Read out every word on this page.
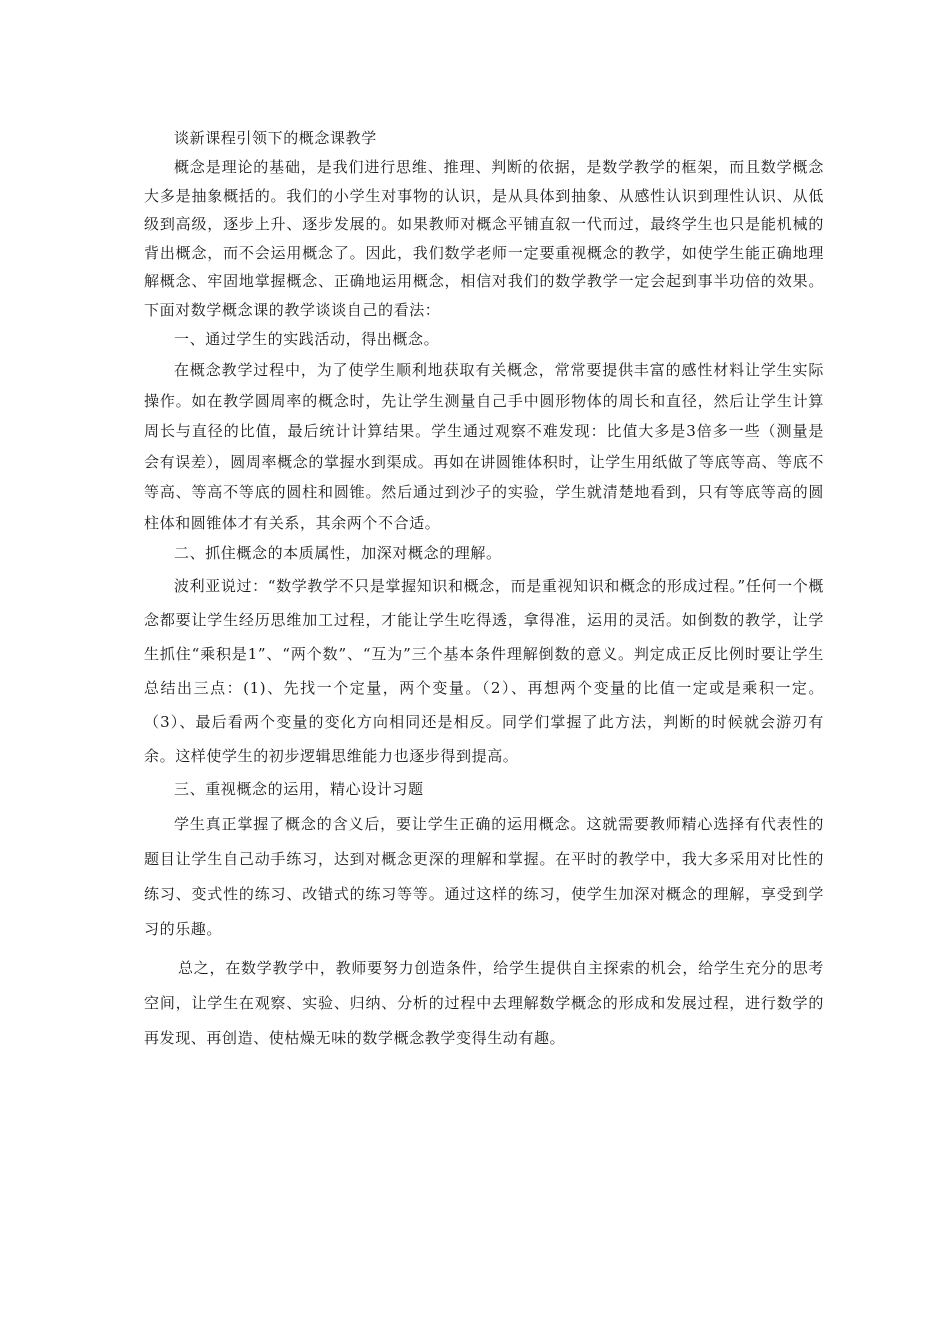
谈新课程引领下的概念课教学

概念是理论的基础，是我们进行思维、推理、判断的依据，是数学教学的框架，而且数学概念大多是抽象概括的。我们的小学生对事物的认识，是从具体到抽象、从感性认识到理性认识、从低级到高级，逐步上升、逐步发展的。如果教师对概念平铺直叙一代而过，最终学生也只是能机械的背出概念，而不会运用概念了。因此，我们数学老师一定要重视概念的教学，如使学生能正确地理解概念、牢固地掌握概念、正确地运用概念，相信对我们的数学教学一定会起到事半功倍的效果。下面对数学概念课的教学谈谈自己的看法：

一、通过学生的实践活动，得出概念。

在概念教学过程中，为了使学生顺利地获取有关概念，常常要提供丰富的感性材料让学生实际操作。如在教学圆周率的概念时，先让学生测量自己手中圆形物体的周长和直径，然后让学生计算周长与直径的比值，最后统计计算结果。学生通过观察不难发现：比值大多是3倍多一些（测量是会有误差），圆周率概念的掌握水到渠成。再如在讲圆锥体积时，让学生用纸做了等底等高、等底不等高、等高不等底的圆柱和圆锥。然后通过到沙子的实验，学生就清楚地看到，只有等底等高的圆柱体和圆锥体才有关系，其余两个不合适。

二、抓住概念的本质属性，加深对概念的理解。

波利亚说过：“数学教学不只是掌握知识和概念，而是重视知识和概念的形成过程。”任何一个概念都要让学生经历思维加工过程，才能让学生吃得透，拿得准，运用的灵活。如倒数的教学，让学生抓住“乘积是1”、“两个数”、“互为”三个基本条件理解倒数的意义。判定成正反比例时要让学生总结出三点：(1)、先找一个定量，两个变量。（2）、再想两个变量的比值一定或是乘积一定。（3）、最后看两个变量的变化方向相同还是相反。同学们掌握了此方法，判断的时候就会游刃有余。这样使学生的初步逻辑思维能力也逐步得到提高。

三、重视概念的运用，精心设计习题

学生真正掌握了概念的含义后，要让学生正确的运用概念。这就需要教师精心选择有代表性的题目让学生自己动手练习，达到对概念更深的理解和掌握。在平时的教学中，我大多采用对比性的练习、变式性的练习、改错式的练习等等。通过这样的练习，使学生加深对概念的理解，享受到学习的乐趣。

总之，在数学教学中，教师要努力创造条件，给学生提供自主探索的机会，给学生充分的思考空间，让学生在观察、实验、归纳、分析的过程中去理解数学概念的形成和发展过程，进行数学的再发现、再创造、使枯燥无味的数学概念教学变得生动有趣。
